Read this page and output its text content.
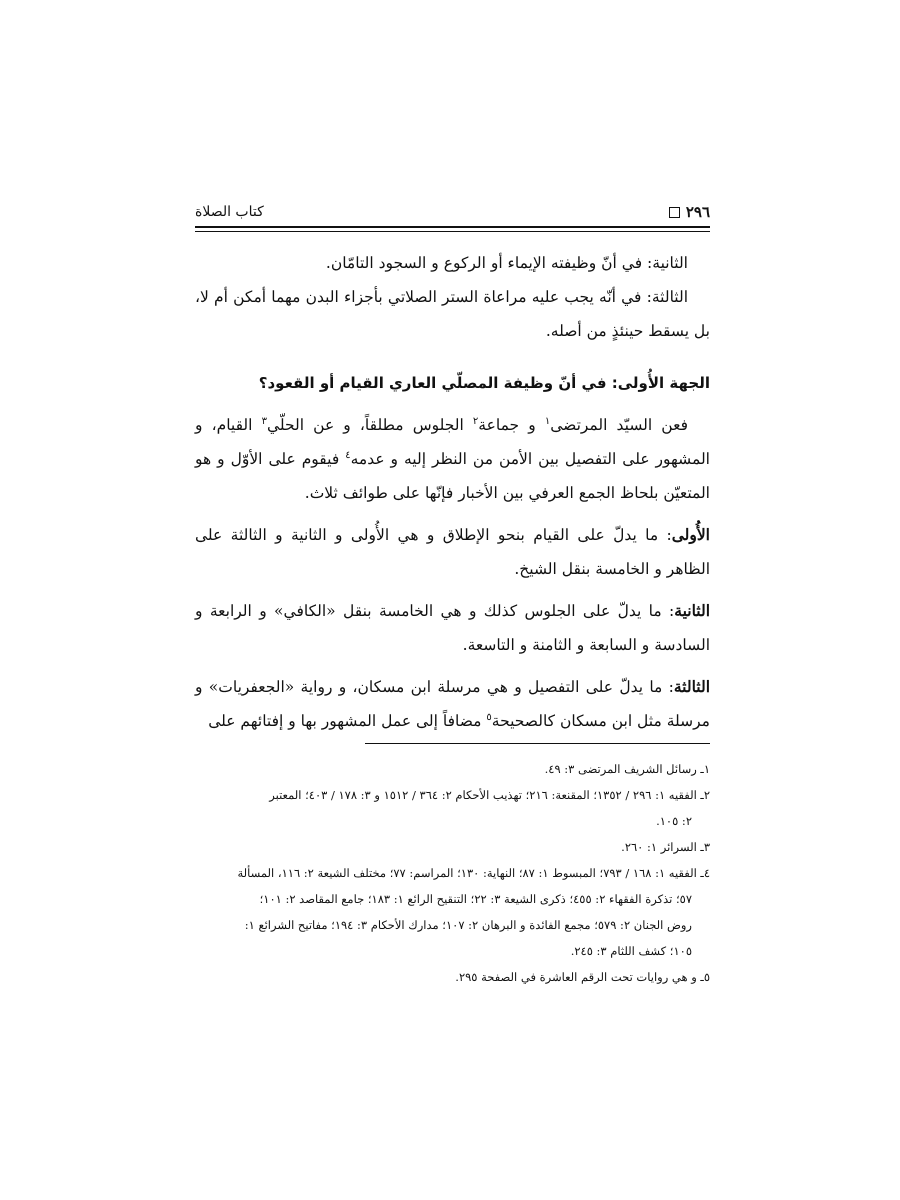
٢٩٦
كتاب الصلاة

الثانية: في أنّ وظيفته الإيماء أو الركوع و السجود التامّان.

الثالثة: في أنّه يجب عليه مراعاة الستر الصلاتي بأجزاء البدن مهما أمكن أم لا، بل يسقط حينئذٍ من أصله.

الجهة الأُولى: في أنّ وظيفة المصلّي العاري القيام أو القعود؟

فعن السيّد المرتضى$^١$ و جماعة$^٢$ الجلوس مطلقاً، و عن الحلّي$^٣$ القيام، و المشهور على التفصيل بين الأمن من النظر إليه و عدمه$^٤$ فيقوم على الأوّل و هو المتعيّن بلحاظ الجمع العرفي بين الأخبار فإنّها على طوائف ثلاث.

الأُولى: ما يدلّ على القيام بنحو الإطلاق و هي الأُولى و الثانية و الثالثة على الظاهر و الخامسة بنقل الشيخ.

الثانية: ما يدلّ على الجلوس كذلك و هي الخامسة بنقل «الكافي» و الرابعة و السادسة و السابعة و الثامنة و التاسعة.

الثالثة: ما يدلّ على التفصيل و هي مرسلة ابن مسكان، و رواية «الجعفريات» و مرسلة مثل ابن مسكان كالصحيحة$^٥$ مضافاً إلى عمل المشهور بها و إفتائهم على

١ـ رسائل الشريف المرتضى ٣: ٤٩.

٢ـ الفقيه ١: ٢٩٦ / ١٣٥٢؛ المقنعة: ٢١٦؛ تهذيب الأحكام ٢: ٣٦٤ / ١٥١٢ و ٣: ١٧٨ / ٤٠٣؛ المعتبر

٢: ١٠٥.

٣ـ السرائر ١: ٢٦٠.

٤ـ الفقيه ١: ١٦٨ / ٧٩٣؛ المبسوط ١: ٨٧؛ النهاية: ١٣٠؛ المراسم: ٧٧؛ مختلف الشيعة ٢: ١١٦، المسألة

٥٧؛ تذكرة الفقهاء ٢: ٤٥٥؛ ذكرى الشيعة ٣: ٢٢؛ التنقيح الرائع ١: ١٨٣؛ جامع المقاصد ٢: ١٠١؛

روض الجنان ٢: ٥٧٩؛ مجمع الفائدة و البرهان ٢: ١٠٧؛ مدارك الأحكام ٣: ١٩٤؛ مفاتيح الشرائع ١:

١٠٥؛ كشف اللثام ٣: ٢٤٥.

٥ـ و هي روايات تحت الرقم العاشرة في الصفحة ٢٩٥.
